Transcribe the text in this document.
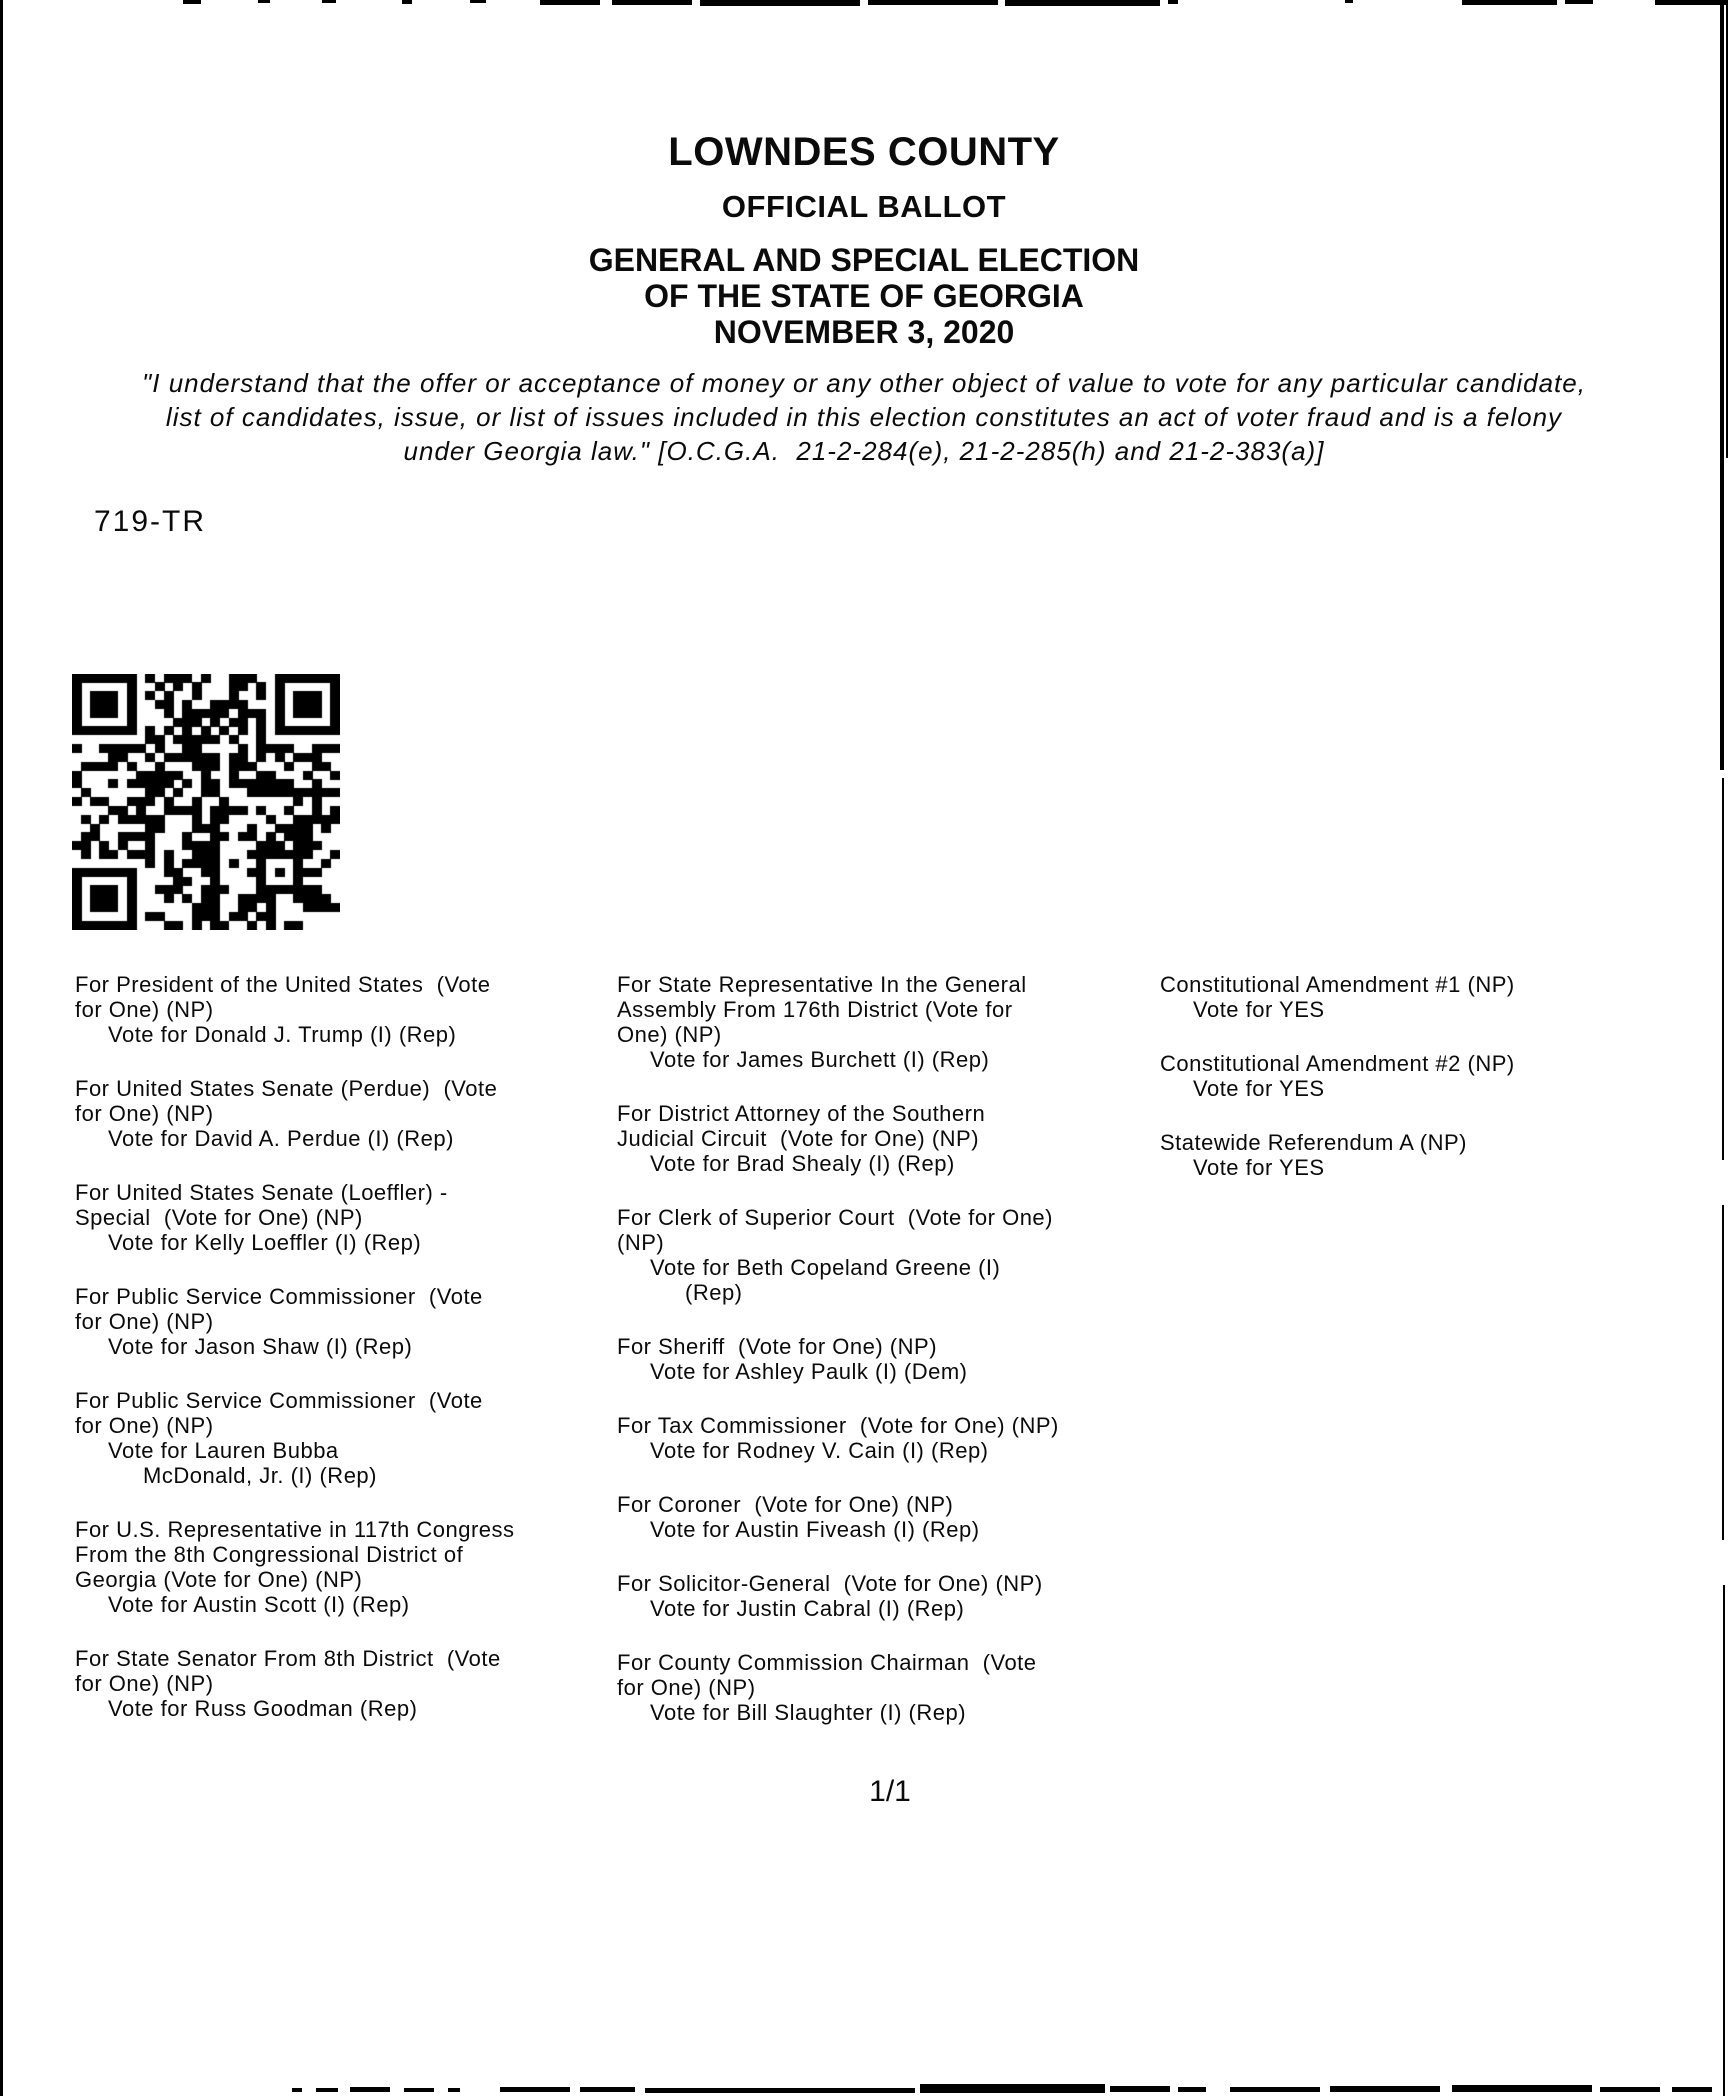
LOWNDES COUNTY
OFFICIAL BALLOT
GENERAL AND SPECIAL ELECTION
OF THE STATE OF GEORGIA
NOVEMBER 3, 2020
"I understand that the offer or acceptance of money or any other object of value to vote for any particular candidate,
list of candidates, issue, or list of issues included in this election constitutes an act of voter fraud and is a felony
under Georgia law." [O.C.G.A.  21-2-284(e), 21-2-285(h) and 21-2-383(a)]
719-TR
For President of the United States  (Vote
for One) (NP)
Vote for Donald J. Trump (I) (Rep)
For United States Senate (Perdue)  (Vote
for One) (NP)
Vote for David A. Perdue (I) (Rep)
For United States Senate (Loeffler) -
Special  (Vote for One) (NP)
Vote for Kelly Loeffler (I) (Rep)
For Public Service Commissioner  (Vote
for One) (NP)
Vote for Jason Shaw (I) (Rep)
For Public Service Commissioner  (Vote
for One) (NP)
Vote for Lauren Bubba
McDonald, Jr. (I) (Rep)
For U.S. Representative in 117th Congress
From the 8th Congressional District of
Georgia (Vote for One) (NP)
Vote for Austin Scott (I) (Rep)
For State Senator From 8th District  (Vote
for One) (NP)
Vote for Russ Goodman (Rep)
For State Representative In the General
Assembly From 176th District (Vote for
One) (NP)
Vote for James Burchett (I) (Rep)
For District Attorney of the Southern
Judicial Circuit  (Vote for One) (NP)
Vote for Brad Shealy (I) (Rep)
For Clerk of Superior Court  (Vote for One)
(NP)
Vote for Beth Copeland Greene (I)
(Rep)
For Sheriff  (Vote for One) (NP)
Vote for Ashley Paulk (I) (Dem)
For Tax Commissioner  (Vote for One) (NP)
Vote for Rodney V. Cain (I) (Rep)
For Coroner  (Vote for One) (NP)
Vote for Austin Fiveash (I) (Rep)
For Solicitor-General  (Vote for One) (NP)
Vote for Justin Cabral (I) (Rep)
For County Commission Chairman  (Vote
for One) (NP)
Vote for Bill Slaughter (I) (Rep)
Constitutional Amendment #1 (NP)
Vote for YES
Constitutional Amendment #2 (NP)
Vote for YES
Statewide Referendum A (NP)
Vote for YES
1/1
